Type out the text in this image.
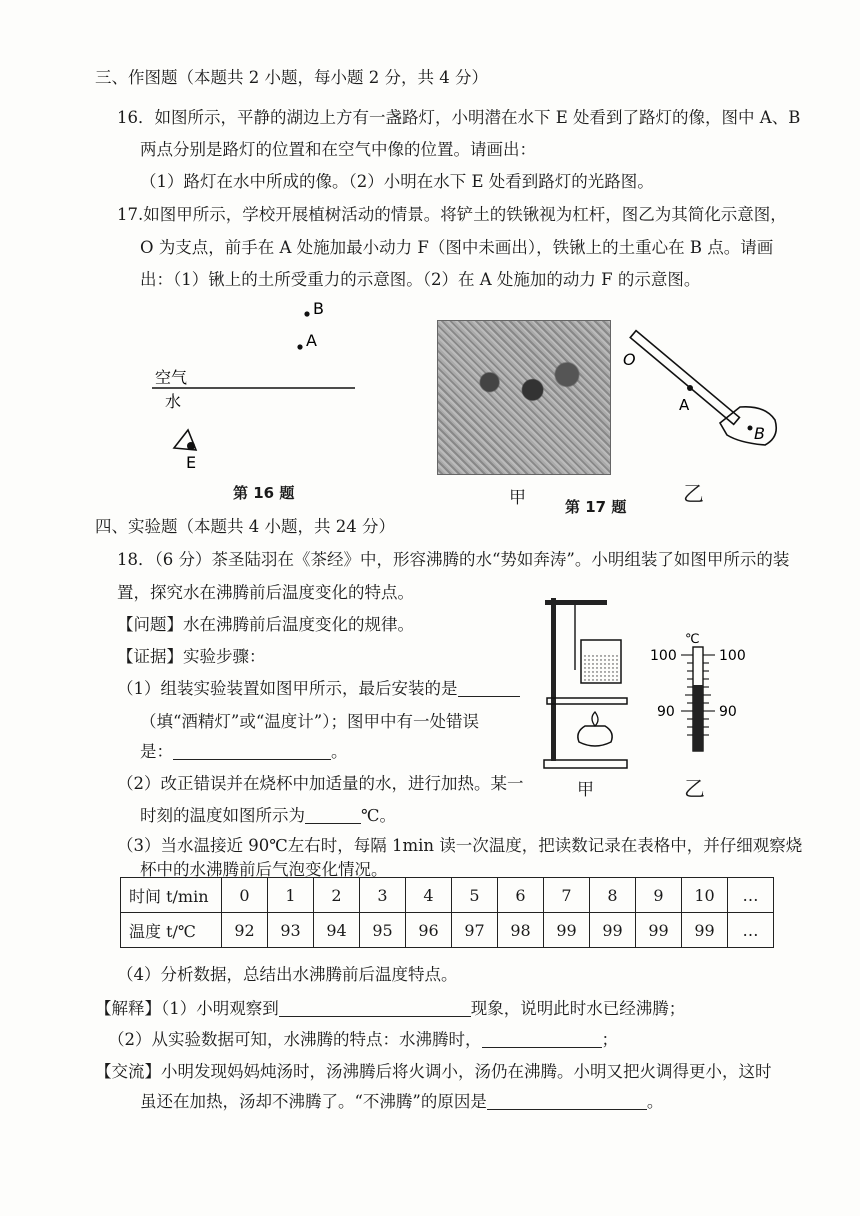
三、作图题（本题共 2 小题，每小题 2 分，共 4 分）
16．如图所示，平静的湖边上方有一盏路灯，小明潜在水下 E 处看到了路灯的像，图中 A、B
两点分别是路灯的位置和在空气中像的位置。请画出：
（1）路灯在水中所成的像。（2）小明在水下 E 处看到路灯的光路图。
17.如图甲所示，学校开展植树活动的情景。将铲土的铁锹视为杠杆，图乙为其简化示意图，
O 为支点，前手在 A 处施加最小动力 F（图中未画出），铁锹上的土重心在 B 点。请画
出：（1）锹上的土所受重力的示意图。（2）在 A 处施加的动力 F 的示意图。
B
A
空气
水
E
第 16 题	甲	第 17 题
O
A
B
乙
四、实验题（本题共 4 小题，共 24 分）
18．（6 分）茶圣陆羽在《茶经》中，形容沸腾的水“势如奔涛”。小明组装了如图甲所示的装
置，探究水在沸腾前后温度变化的特点。
【问题】水在沸腾前后温度变化的规律。
【证据】实验步骤：
（1）组装实验装置如图甲所示，最后安装的是
（填“酒精灯”或“温度计”）；图甲中有一处错误
是：	。
（2）改正错误并在烧杯中加适量的水，进行加热。某一
时刻的温度如图所示为	℃。
甲
℃
100	100
90	90
乙
（3）当水温接近 90℃左右时，每隔 1min 读一次温度，把读数记录在表格中，并仔细观察烧
杯中的水沸腾前后气泡变化情况。
时间 t/min	0	1	2	3	4	5	6	7	8	9	10	…
温度 t/℃	92	93	94	95	96	97	98	99	99	99	99	…
（4）分析数据，总结出水沸腾前后温度特点。
【解释】（1）小明观察到	现象，说明此时水已经沸腾；
（2）从实验数据可知，水沸腾的特点：水沸腾时，	；
【交流】小明发现妈妈炖汤时，汤沸腾后将火调小，汤仍在沸腾。小明又把火调得更小，这时
虽还在加热，汤却不沸腾了。“不沸腾”的原因是	。
